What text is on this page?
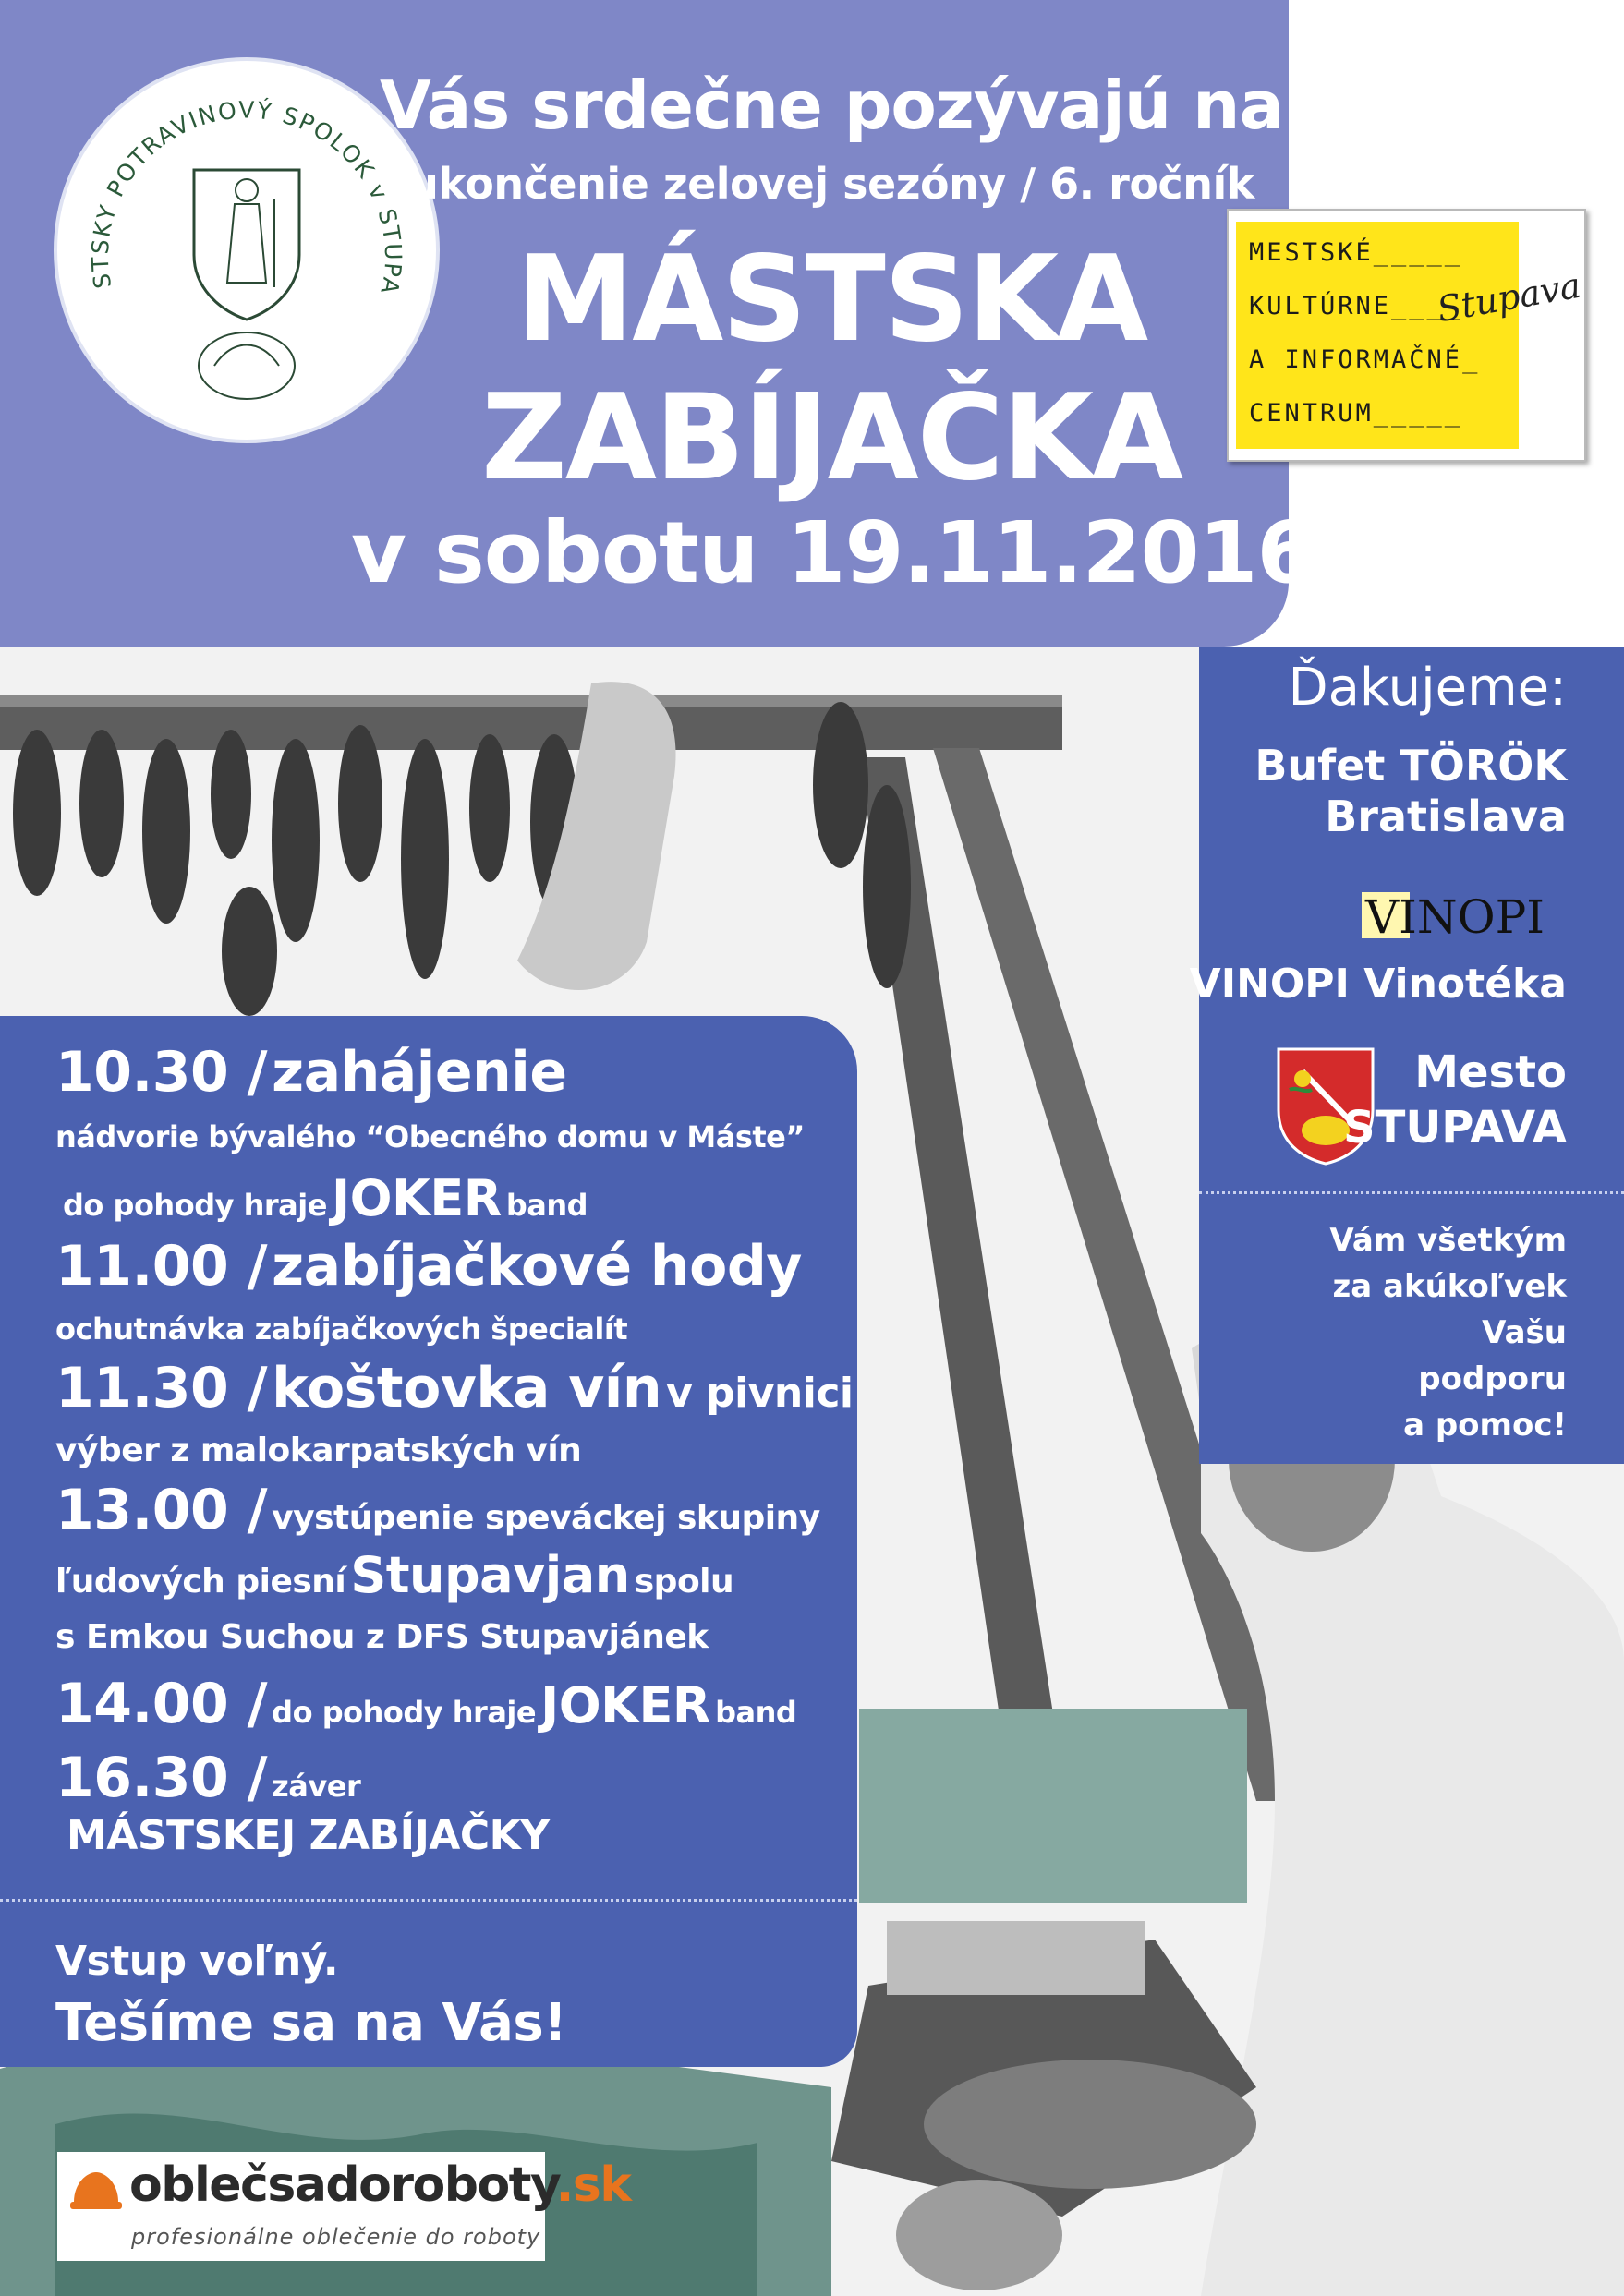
STSKY POTRAVINOVÝ SPOLOK v STUPA
Vás srdečne pozývajú na
ukončenie zelovej sezóny / 6. ročník
MÁSTSKA
ZABÍJAČKA
v sobotu 19.11.2016
MESTSKÉ_____
KULTÚRNE____
A INFORMAČNÉ_
CENTRUM_____
Stupava
Ďakujeme:
Bufet TÖRÖK
Bratislava
VINOPI
VINOPI Vinotéka
Mesto
STUPAVA
Vám všetkým
za akúkoľvek
Vašu
podporu
a pomoc!
10.30 / zahájenie
nádvorie bývalého “Obecného domu v Máste”
do pohody hraje JOKER band
11.00 / zabíjačkové hody
ochutnávka zabíjačkových špecialít
11.30 / koštovka vín v pivnici
výber z malokarpatských vín
13.00 / vystúpenie speváckej skupiny
ľudových piesní Stupavjan spolu
s Emkou Suchou z DFS Stupavjánek
14.00 / do pohody hraje JOKER band
16.30 / záver
MÁSTSKEJ ZABÍJAČKY
Vstup voľný.
Tešíme sa na Vás!
oblečsadoroboty.sk
profesionálne oblečenie do roboty
